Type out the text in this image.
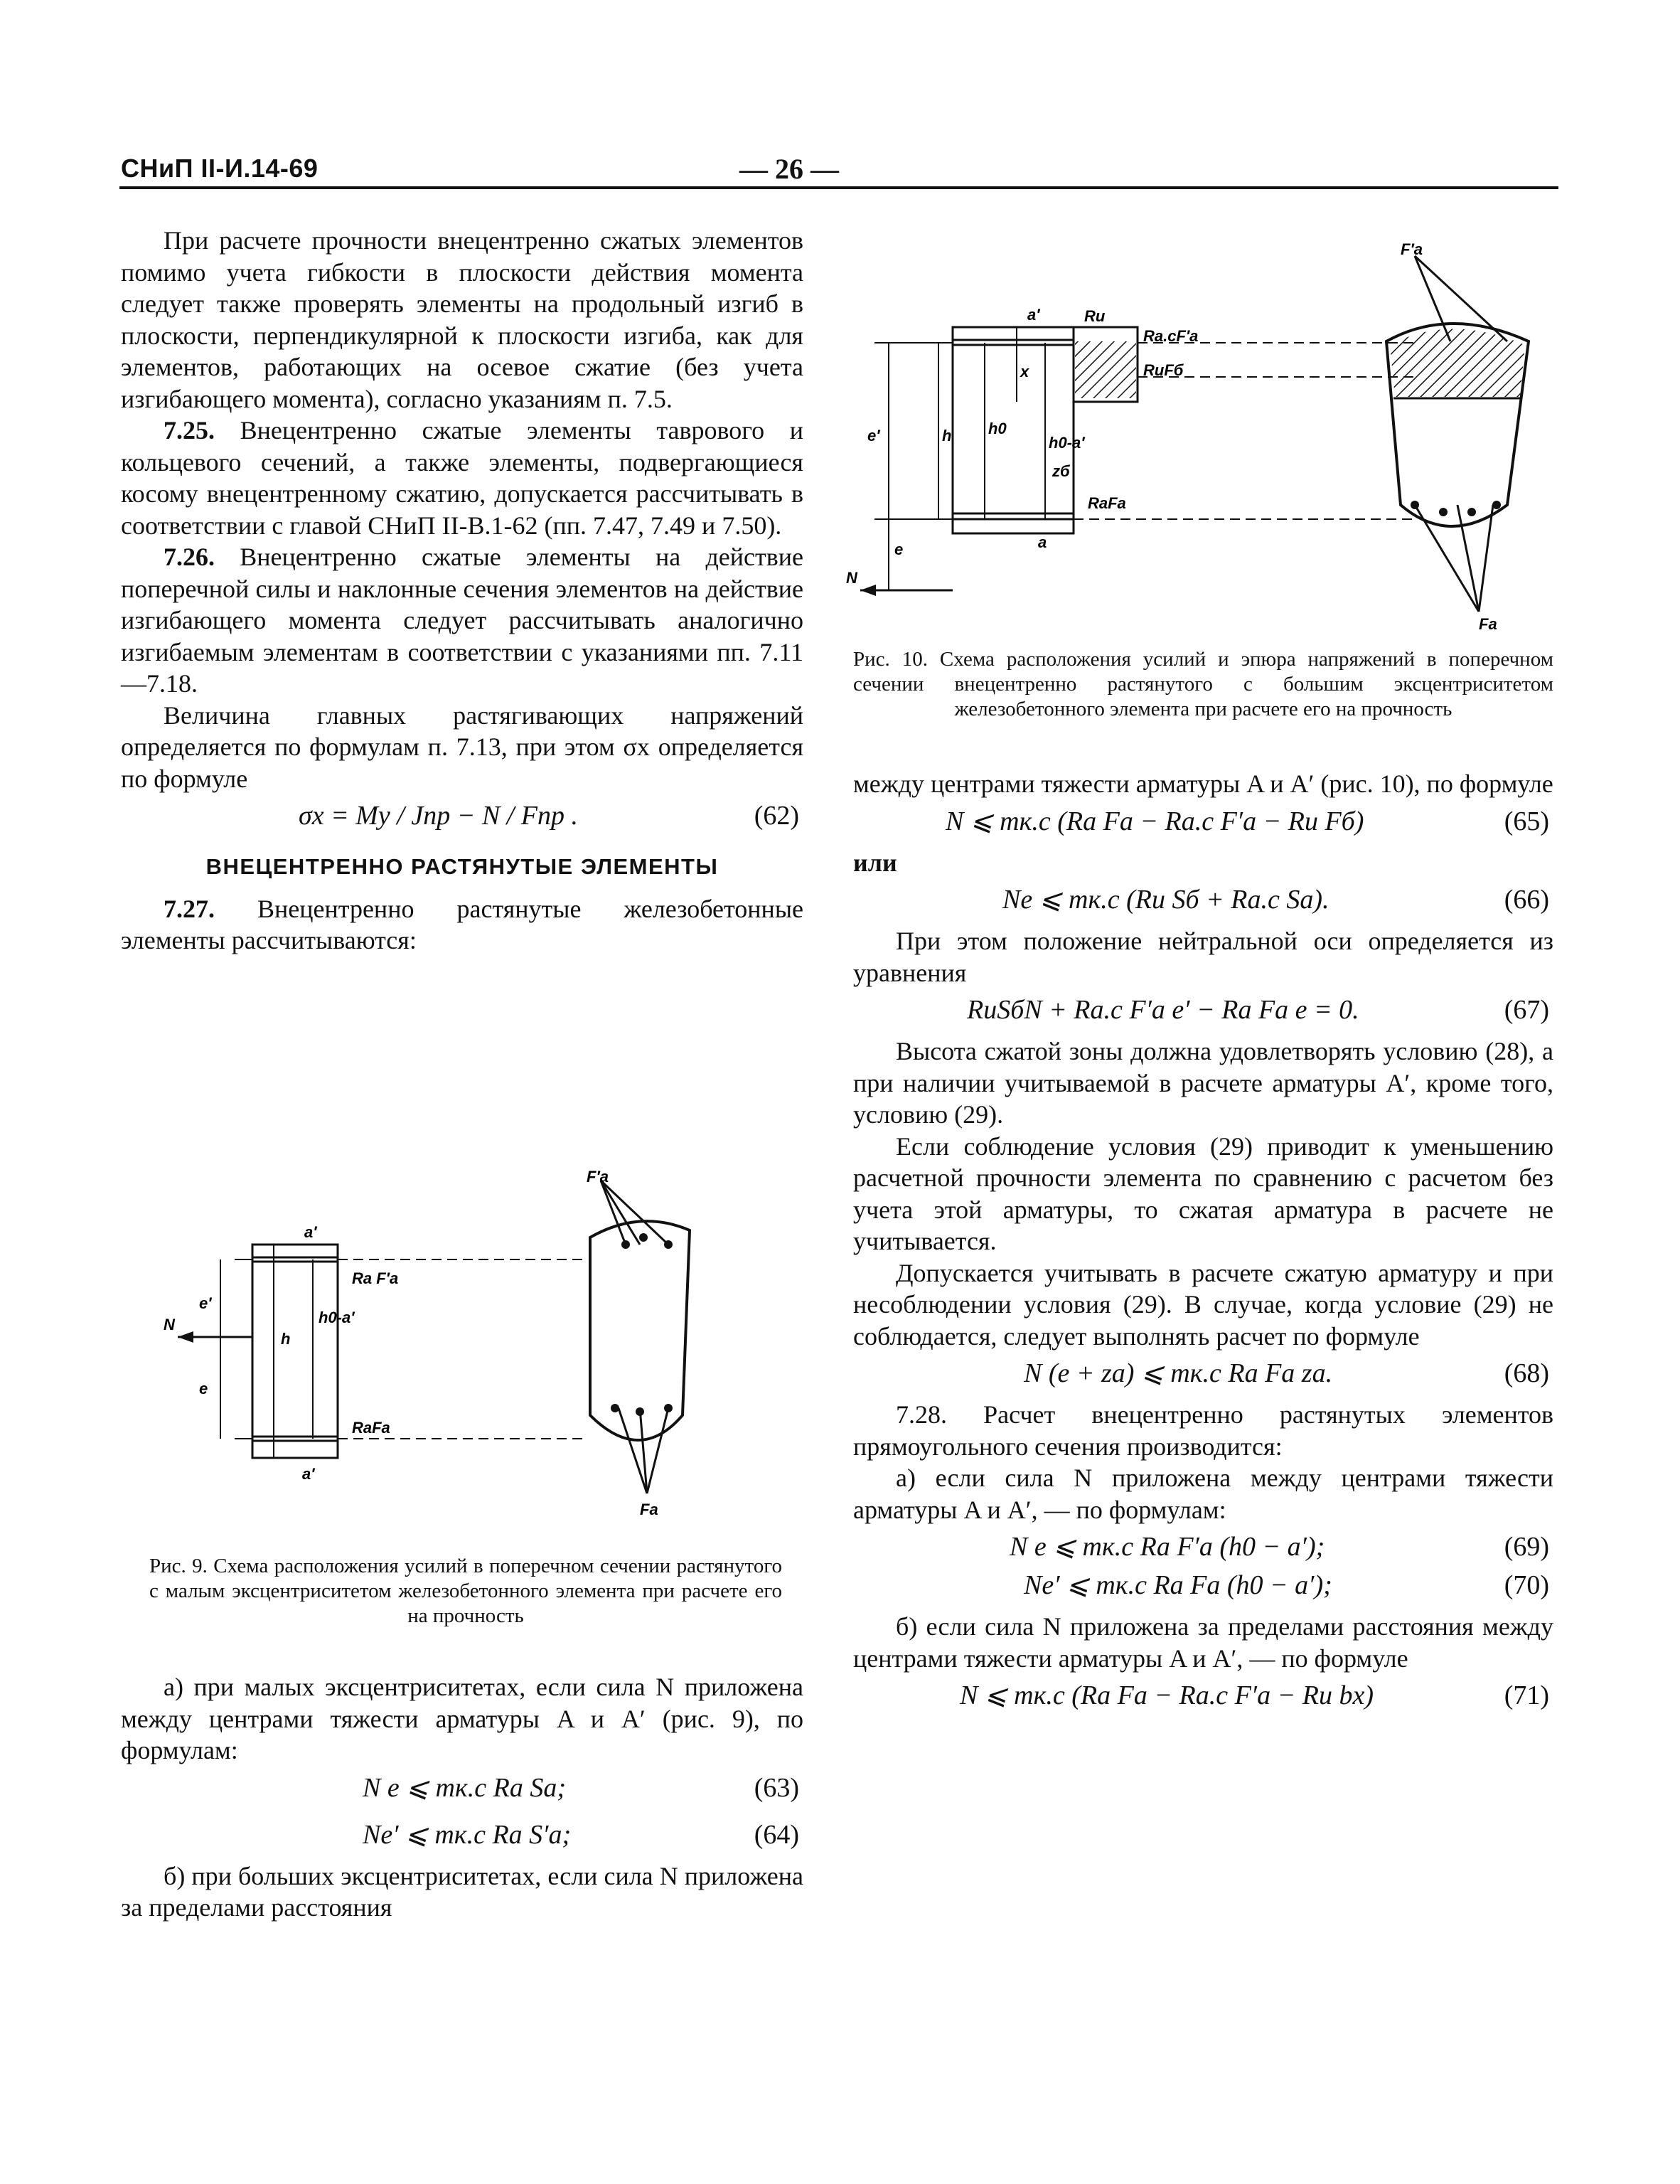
СНиП II-И.14-69	— 26 —

При расчете прочности внецентренно сжатых элементов помимо учета гибкости в плоскости действия момента следует также проверять элементы на продольный изгиб в плоскости, перпендикулярной к плоскости изгиба, как для элементов, работающих на осевое сжатие (без учета изгибающего момента), согласно указаниям п. 7.5.

7.25. Внецентренно сжатые элементы таврового и кольцевого сечений, а также элементы, подвергающиеся косому внецентренному сжатию, допускается рассчитывать в соответствии с главой СНиП II-B.1-62 (пп. 7.47, 7.49 и 7.50).

7.26. Внецентренно сжатые элементы на действие поперечной силы и наклонные сечения элементов на действие изгибающего момента следует рассчитывать аналогично изгибаемым элементам в соответствии с указаниями пп. 7.11—7.18.

Величина главных растягивающих напряжений определяется по формулам п. 7.13, при этом σx определяется по формуле

σx = My / Jпр − N / Fпр .	(62)
ВНЕЦЕНТРЕННО РАСТЯНУТЫЕ ЭЛЕМЕНТЫ

7.27. Внецентренно растянутые железобетонные элементы рассчитываются:

F′a
a′
Ra F′a
e′
h
h0-a′
N
e
RaFa
a′
Fa
Рис. 9. Схема расположения усилий в поперечном сечении растянутого с малым эксцентриситетом железобетонного элемента при расчете его на прочность

а) при малых эксцентриситетах, если сила N приложена между центрами тяжести арматуры A и A′ (рис. 9), по формулам:

N e ⩽ mк.с Rа Sа;	(63)
Ne′ ⩽ mк.с Rа S′а;	(64)

б) при больших эксцентриситетах, если сила N приложена за пределами расстояния

F′a
Rи
Ra.cF′a
RиFб
a′
x
h h0
h0-a′
zб
e′
RaFa
a
e
N
Fa
Рис. 10. Схема расположения усилий и эпюра напряжений в поперечном сечении внецентренно растянутого с большим эксцентриситетом железобетонного элемента при расчете его на прочность

между центрами тяжести арматуры A и A′ (рис. 10), по формуле

N ⩽ mк.с (Rа Fа − Rа.с F′а − Rи Fб)	(65)

или

Ne ⩽ mк.с (Rи Sб + Rа.с Sа).	(66)

При этом положение нейтральной оси определяется из уравнения

RиSбN + Rа.с F′а e′ − Rа Fа e = 0.	(67)

Высота сжатой зоны должна удовлетворять условию (28), а при наличии учитываемой в расчете арматуры A′, кроме того, условию (29).

Если соблюдение условия (29) приводит к уменьшению расчетной прочности элемента по сравнению с расчетом без учета этой арматуры, то сжатая арматура в расчете не учитывается.

Допускается учитывать в расчете сжатую арматуру и при несоблюдении условия (29). В случае, когда условие (29) не соблюдается, следует выполнять расчет по формуле

N (e + zа) ⩽ mк.с Rа Fа zа.	(68)

7.28. Расчет внецентренно растянутых элементов прямоугольного сечения производится:

а) если сила N приложена между центрами тяжести арматуры A и A′, — по формулам:

N e ⩽ mк.с Rа F′а (h0 − a′);	(69)
Ne′ ⩽ mк.с Rа Fа (h0 − a′);	(70)

б) если сила N приложена за пределами расстояния между центрами тяжести арматуры A и A′, — по формуле

N ⩽ mк.с (Rа Fа − Rа.с F′а − Rи bx)	(71)
